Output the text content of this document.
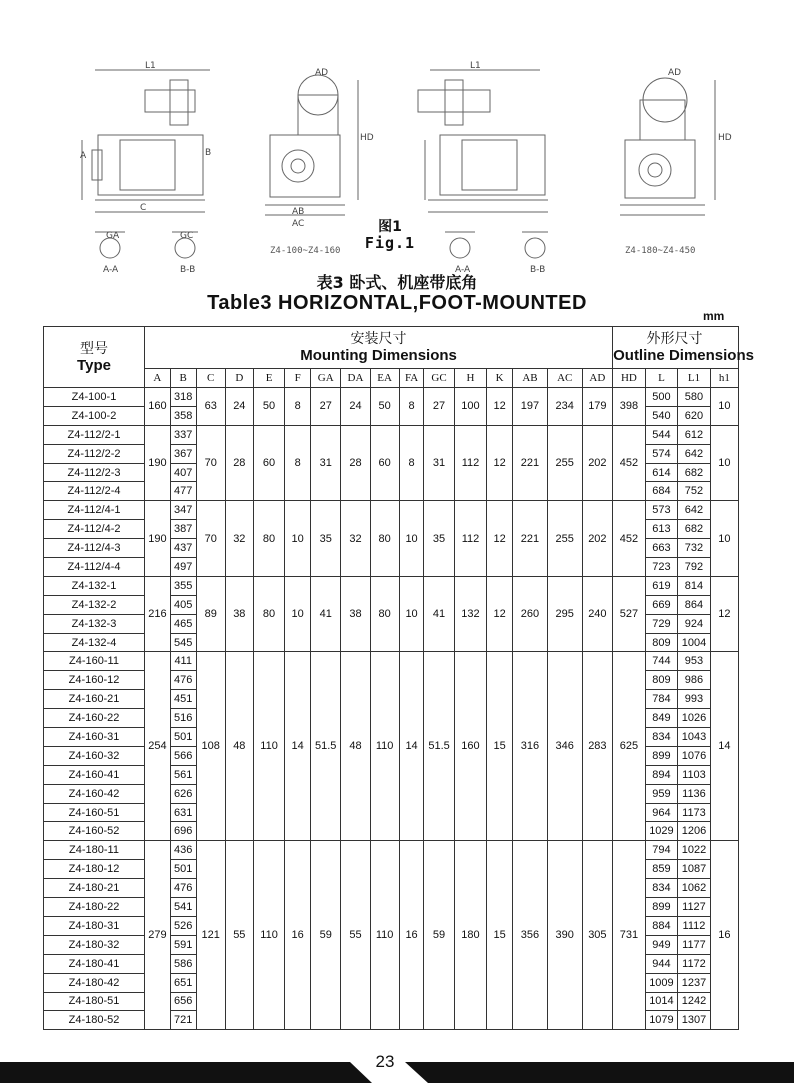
L1
AD
HD
A	B
C	AB
AC
GA	GC
A-A	B-B
L1
AD
HD
A-A	B-B
图1
Fig.1
Z4-100~Z4-160	Z4-180~Z4-450
表3 卧式、机座带底角
Table3 HORIZONTAL,FOOT-MOUNTED
mm
型号
Type	安装尺寸
Mounting Dimensions																外形尺寸
Outline Dimensions			

	A	B	C	D	E	F	GA	DA	EA	FA	GC	H	K	AB	AC	AD	HD	L	L1	h1
Z4-100-1	160	318	63	24	50	8	27	24	50	8	27	100	12	197	234	179	398	500	580	10
Z4-100-2		358																540	620	
Z4-112/2-1	190	337	70	28	60	8	31	28	60	8	31	112	12	221	255	202	452	544	612	10
Z4-112/2-2		367																574	642	
Z4-112/2-3		407																614	682	
Z4-112/2-4		477																684	752	
Z4-112/4-1	190	347	70	32	80	10	35	32	80	10	35	112	12	221	255	202	452	573	642	10
Z4-112/4-2		387																613	682	
Z4-112/4-3		437																663	732	
Z4-112/4-4		497																723	792	
Z4-132-1	216	355	89	38	80	10	41	38	80	10	41	132	12	260	295	240	527	619	814	12
Z4-132-2		405																669	864	
Z4-132-3		465																729	924	
Z4-132-4		545																809	1004	
Z4-160-11	254	411	108	48	110	14	51.5	48	110	14	51.5	160	15	316	346	283	625	744	953	14
Z4-160-12		476																809	986	
Z4-160-21		451																784	993	
Z4-160-22		516																849	1026	
Z4-160-31		501																834	1043	
Z4-160-32		566																899	1076	
Z4-160-41		561																894	1103	
Z4-160-42		626																959	1136	
Z4-160-51		631																964	1173	
Z4-160-52		696																1029	1206	
Z4-180-11	279	436	121	55	110	16	59	55	110	16	59	180	15	356	390	305	731	794	1022	16
Z4-180-12		501																859	1087	
Z4-180-21		476																834	1062	
Z4-180-22		541																899	1127	
Z4-180-31		526																884	1112	
Z4-180-32		591																949	1177	
Z4-180-41		586																944	1172	
Z4-180-42		651																1009	1237	
Z4-180-51		656																1014	1242	
Z4-180-52		721																1079	1307	
23
